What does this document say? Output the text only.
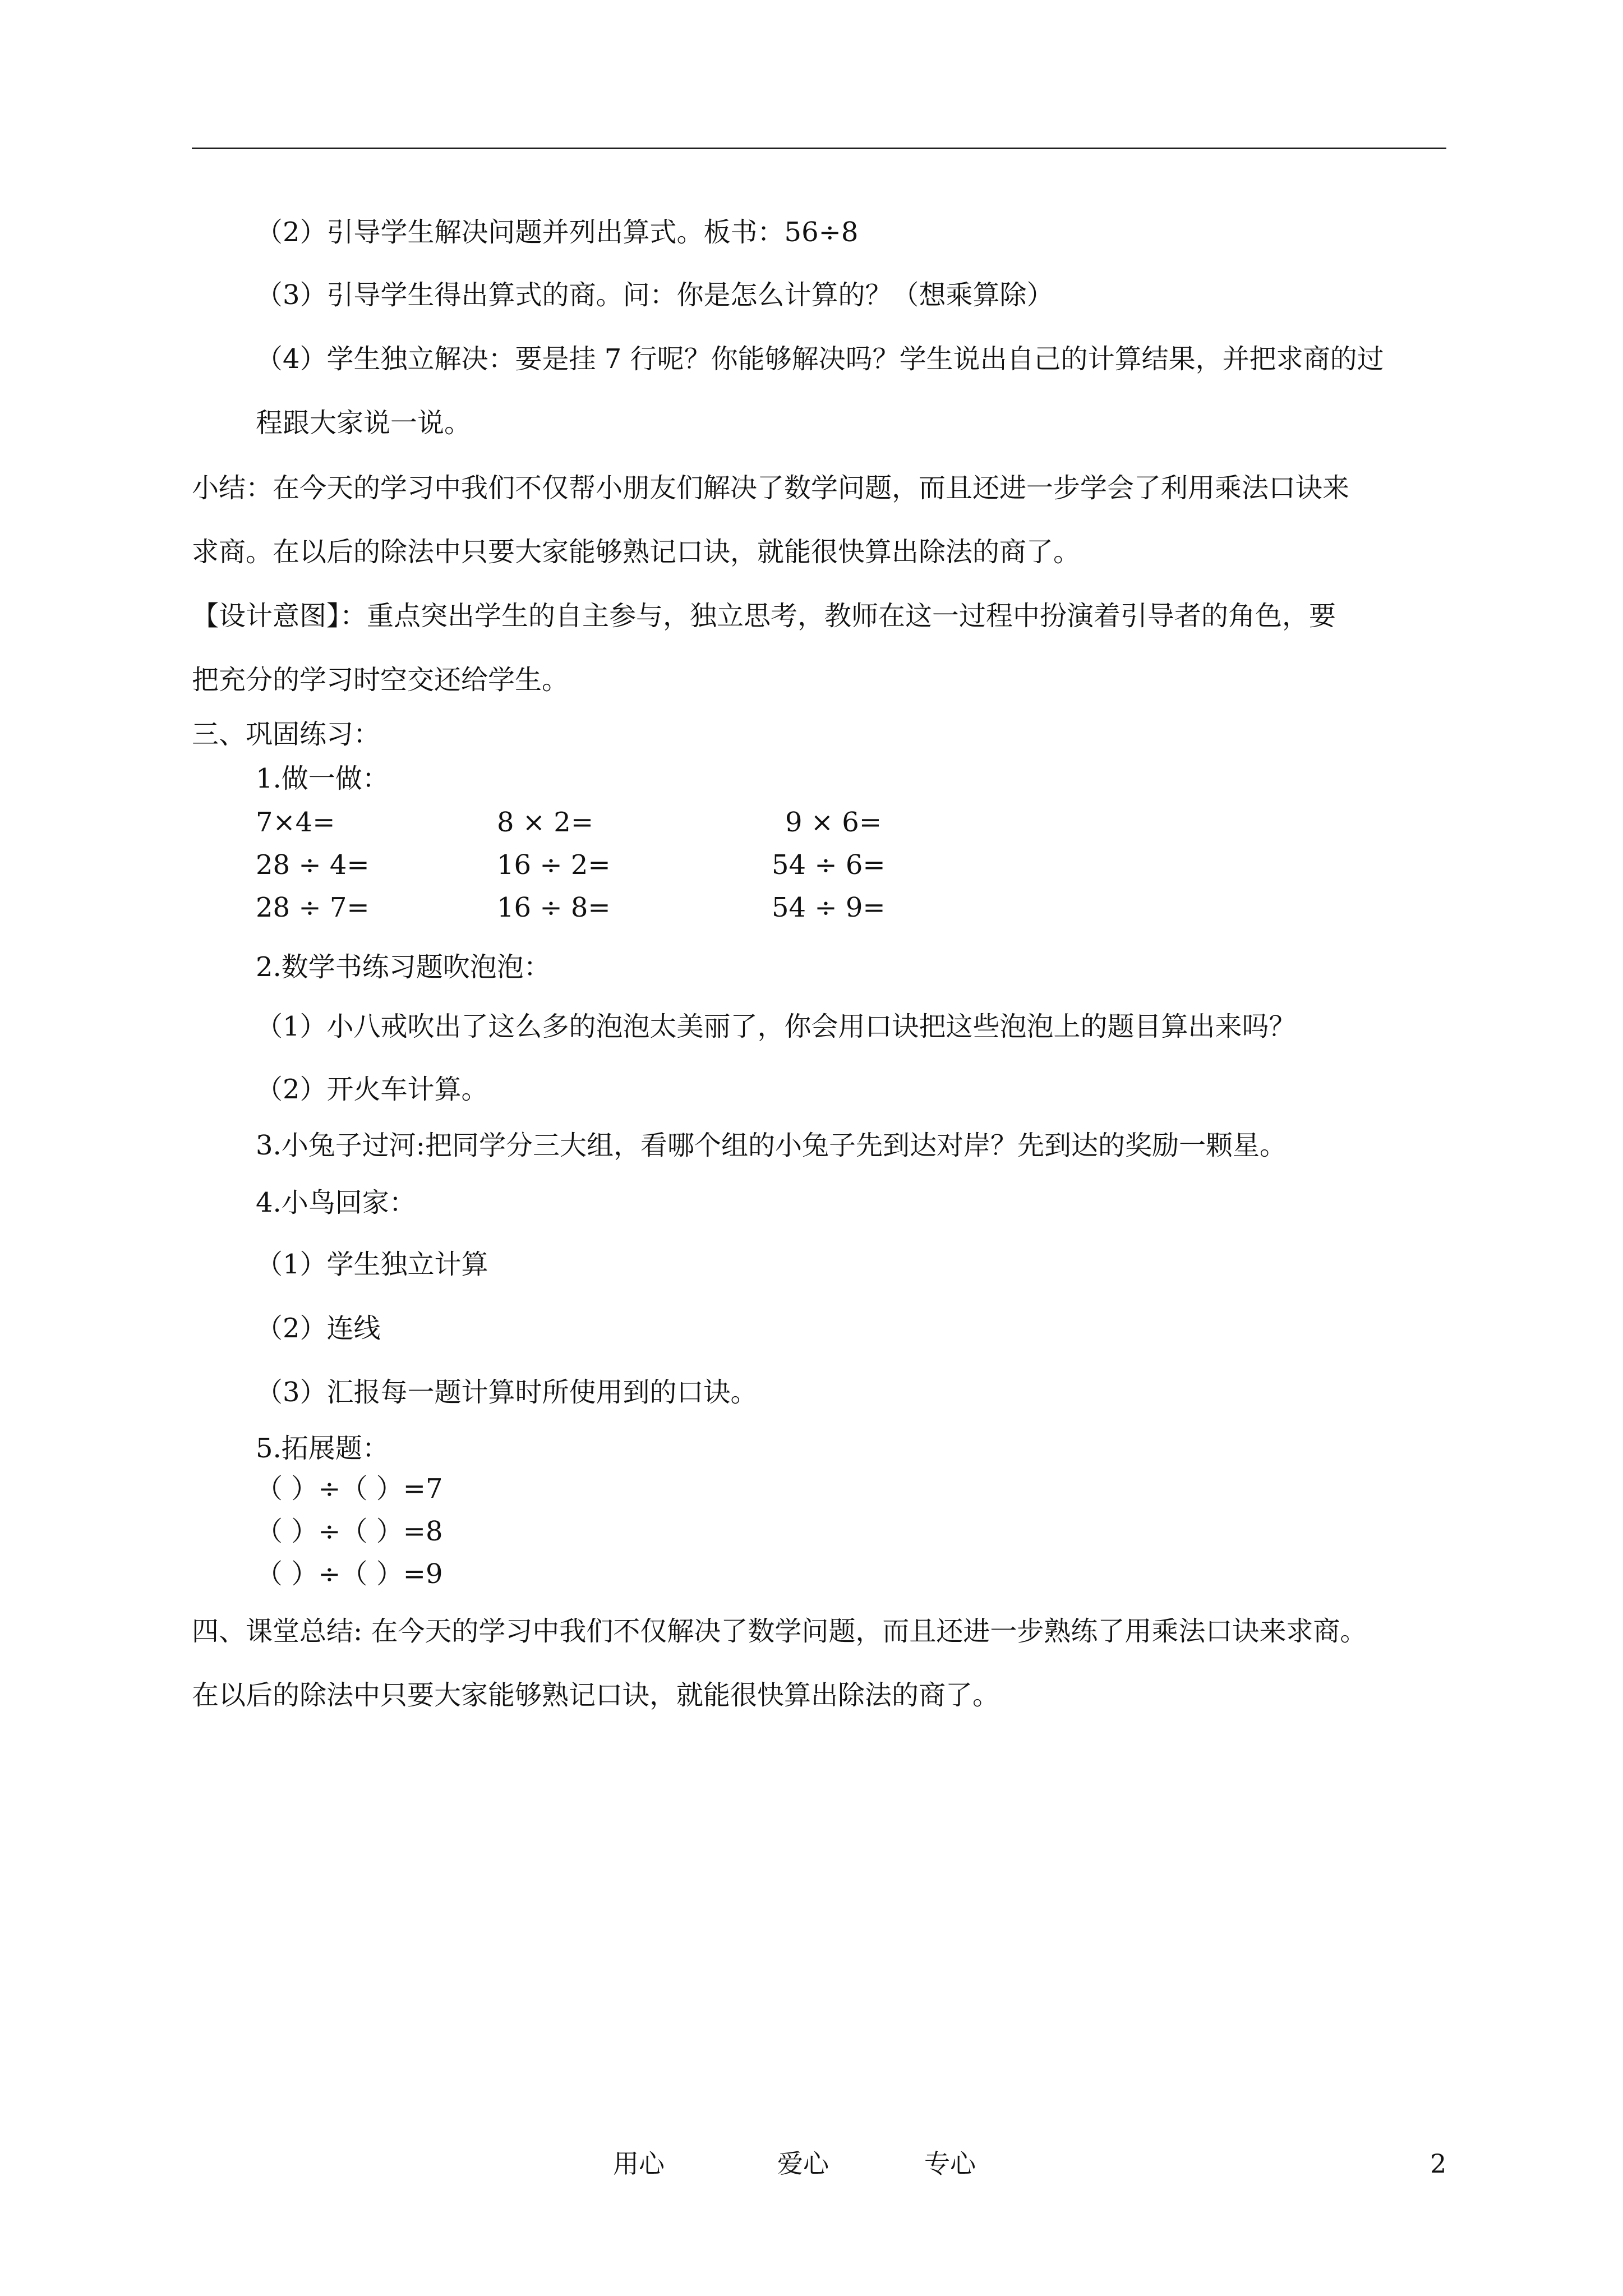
（2）引导学生解决问题并列出算式。板书：56÷8
（3）引导学生得出算式的商。问：你是怎么计算的？（想乘算除）
（4）学生独立解决：要是挂 7 行呢？你能够解决吗？学生说出自己的计算结果，并把求商的过
程跟大家说一说。
小结：在今天的学习中我们不仅帮小朋友们解决了数学问题，而且还进一步学会了利用乘法口诀来
求商。在以后的除法中只要大家能够熟记口诀，就能很快算出除法的商了。
【设计意图】：重点突出学生的自主参与，独立思考，教师在这一过程中扮演着引导者的角色，要
把充分的学习时空交还给学生。
三、巩固练习：
1.做一做：
7×4=	8 × 2=	9 × 6=
28 ÷ 4=	16 ÷ 2=	54 ÷ 6=
28 ÷ 7=	16 ÷ 8=	54 ÷ 9=
2.数学书练习题吹泡泡：
（1）小八戒吹出了这么多的泡泡太美丽了，你会用口诀把这些泡泡上的题目算出来吗？
（2）开火车计算。
3.小兔子过河:把同学分三大组，看哪个组的小兔子先到达对岸？先到达的奖励一颗星。
4.小鸟回家：
（1）学生独立计算
（2）连线
（3）汇报每一题计算时所使用到的口诀。
5.拓展题：
（ ）÷（ ）=7
（ ）÷（ ）=8
（ ）÷（ ）=9
四、课堂总结: 在今天的学习中我们不仅解决了数学问题，而且还进一步熟练了用乘法口诀来求商。
在以后的除法中只要大家能够熟记口诀，就能很快算出除法的商了。
用心	爱心	专心	2
